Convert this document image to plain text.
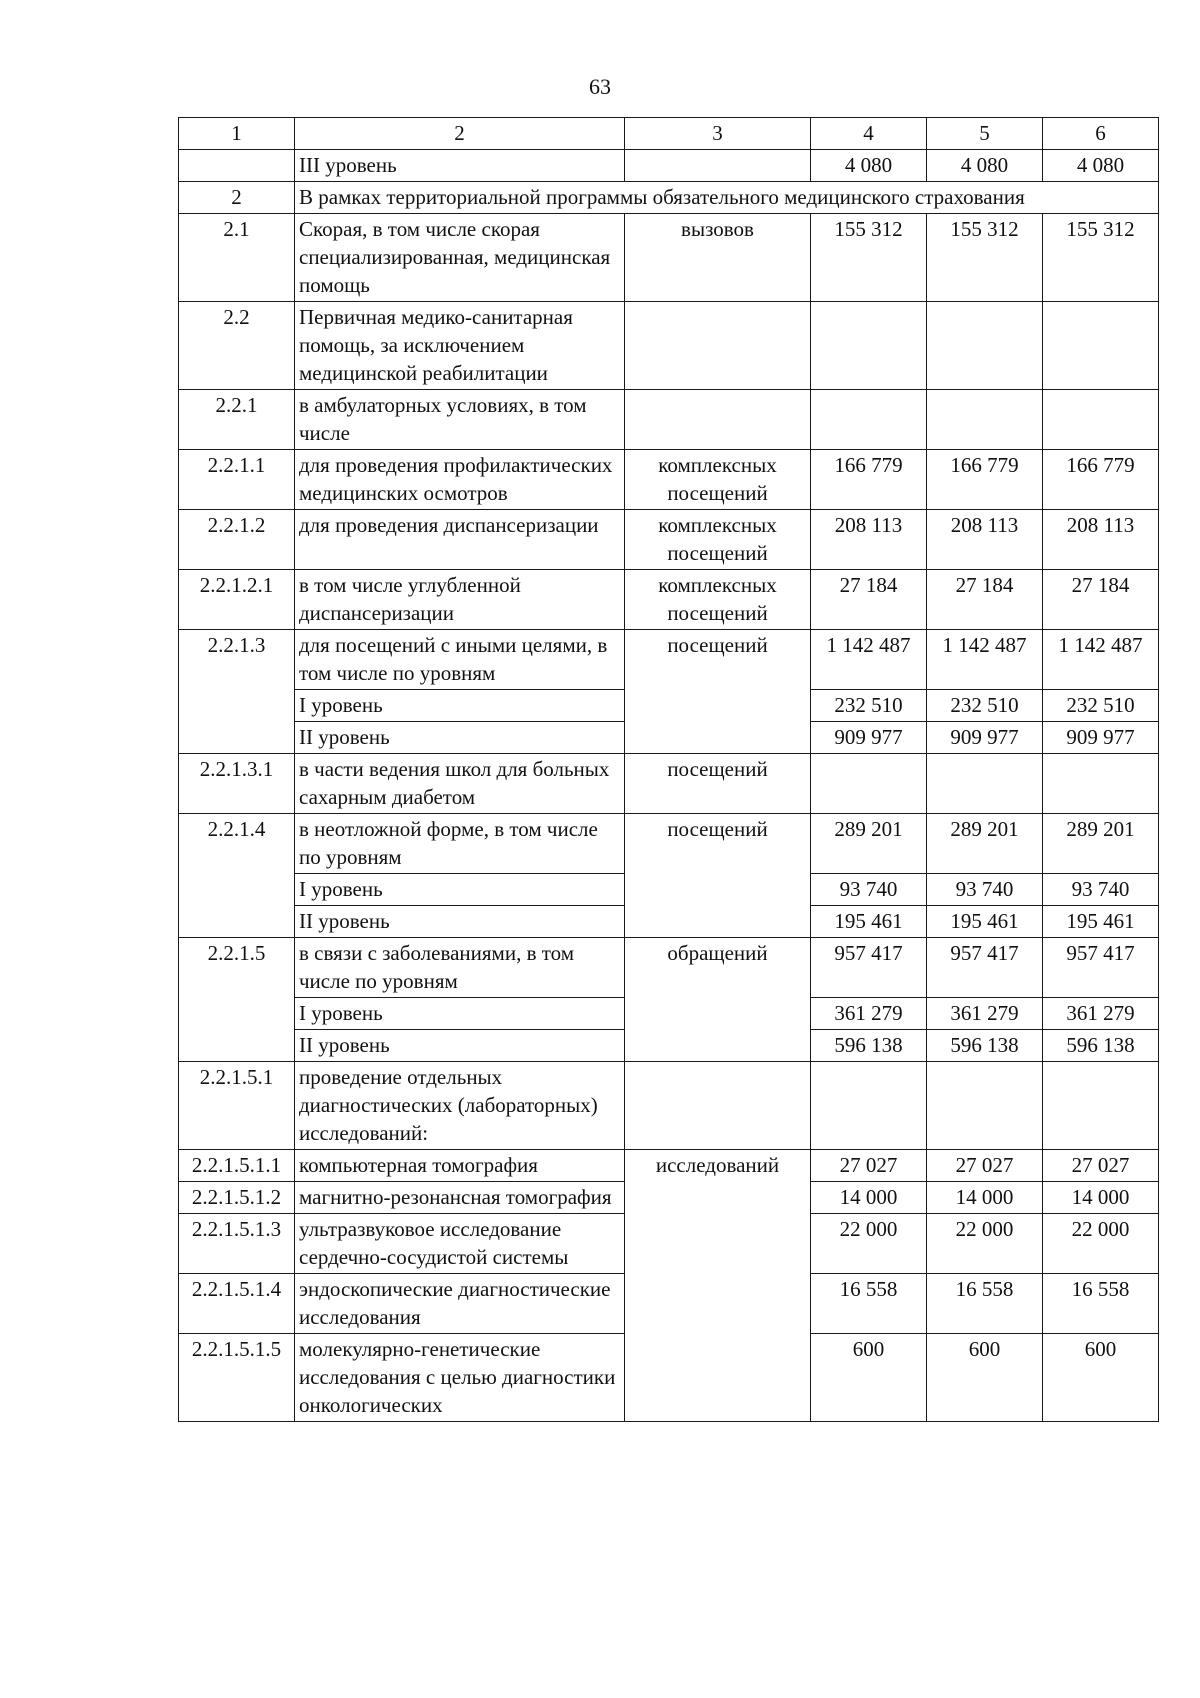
63
1	2	3	4	5	6
	III уровень		4 080	4 080	4 080
2	В рамках территориальной программы обязательного медицинского страхования				
2.1	Скорая, в том числе скорая специализированная, медицинская помощь	вызовов	155 312	155 312	155 312
2.2	Первичная медико-санитарная помощь, за исключением медицинской реабилитации				
2.2.1	в амбулаторных условиях, в том числе				
2.2.1.1	для проведения профилактических медицинских осмотров	комплексных посещений	166 779	166 779	166 779
2.2.1.2	для проведения диспансеризации	комплексных посещений	208 113	208 113	208 113
2.2.1.2.1	в том числе углубленной диспансеризации	комплексных посещений	27 184	27 184	27 184
2.2.1.3	для посещений с иными целями, в том числе по уровням	посещений	1 142 487	1 142 487	1 142 487
	I уровень		232 510	232 510	232 510
	II уровень		909 977	909 977	909 977
2.2.1.3.1	в части ведения школ для больных сахарным диабетом	посещений			
2.2.1.4	в неотложной форме, в том числе по уровням	посещений	289 201	289 201	289 201
	I уровень		93 740	93 740	93 740
	II уровень		195 461	195 461	195 461
2.2.1.5	в связи с заболеваниями, в том числе по уровням	обращений	957 417	957 417	957 417
	I уровень		361 279	361 279	361 279
	II уровень		596 138	596 138	596 138
2.2.1.5.1	проведение отдельных диагностических (лабораторных) исследований:				
2.2.1.5.1.1	компьютерная томография	исследований	27 027	27 027	27 027
2.2.1.5.1.2	магнитно-резонансная томография		14 000	14 000	14 000
2.2.1.5.1.3	ультразвуковое исследование сердечно-сосудистой системы		22 000	22 000	22 000
2.2.1.5.1.4	эндоскопические диагностические исследования		16 558	16 558	16 558
2.2.1.5.1.5	молекулярно-генетические исследования с целью диагностики онкологических		600	600	600
